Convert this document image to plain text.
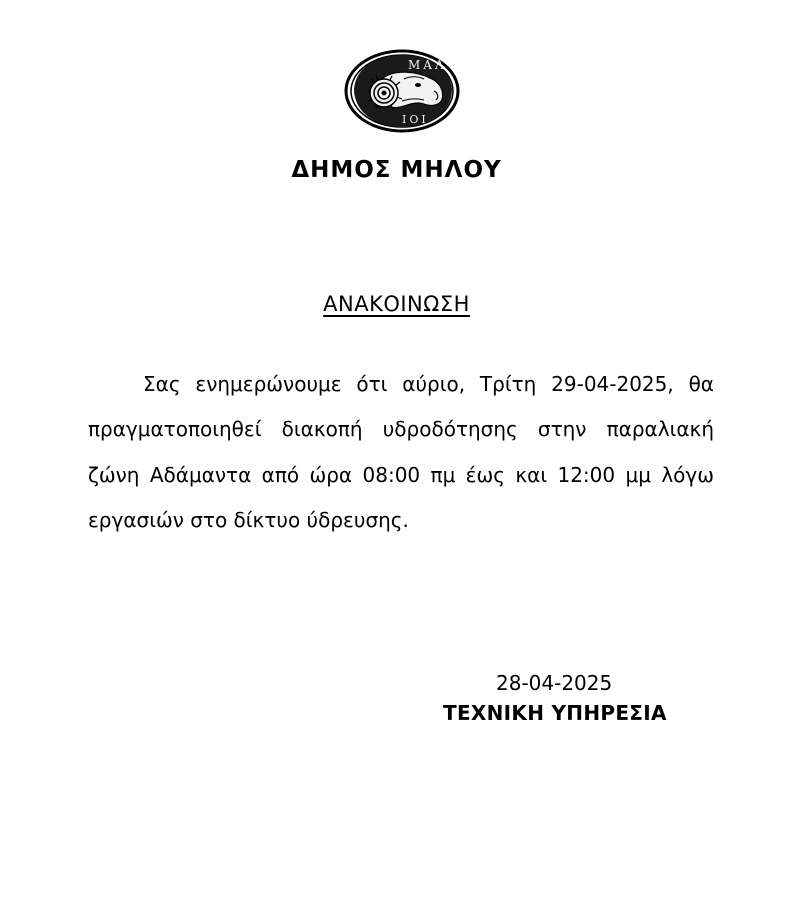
ΜΑΛ
ΙΟΙ
ΔΗΜΟΣ ΜΗΛΟΥ
ΑΝΑΚΟΙΝΩΣΗ

Σας ενημερώνουμε ότι αύριο, Τρίτη 29-04-2025, θα πραγματοποιηθεί διακοπή υδροδότησης στην παραλιακή ζώνη Αδάμαντα από ώρα 08:00 πμ έως και 12:00 μμ λόγω εργασιών στο δίκτυο ύδρευσης.

28-04-2025
ΤΕΧΝΙΚΗ ΥΠΗΡΕΣΙΑ
